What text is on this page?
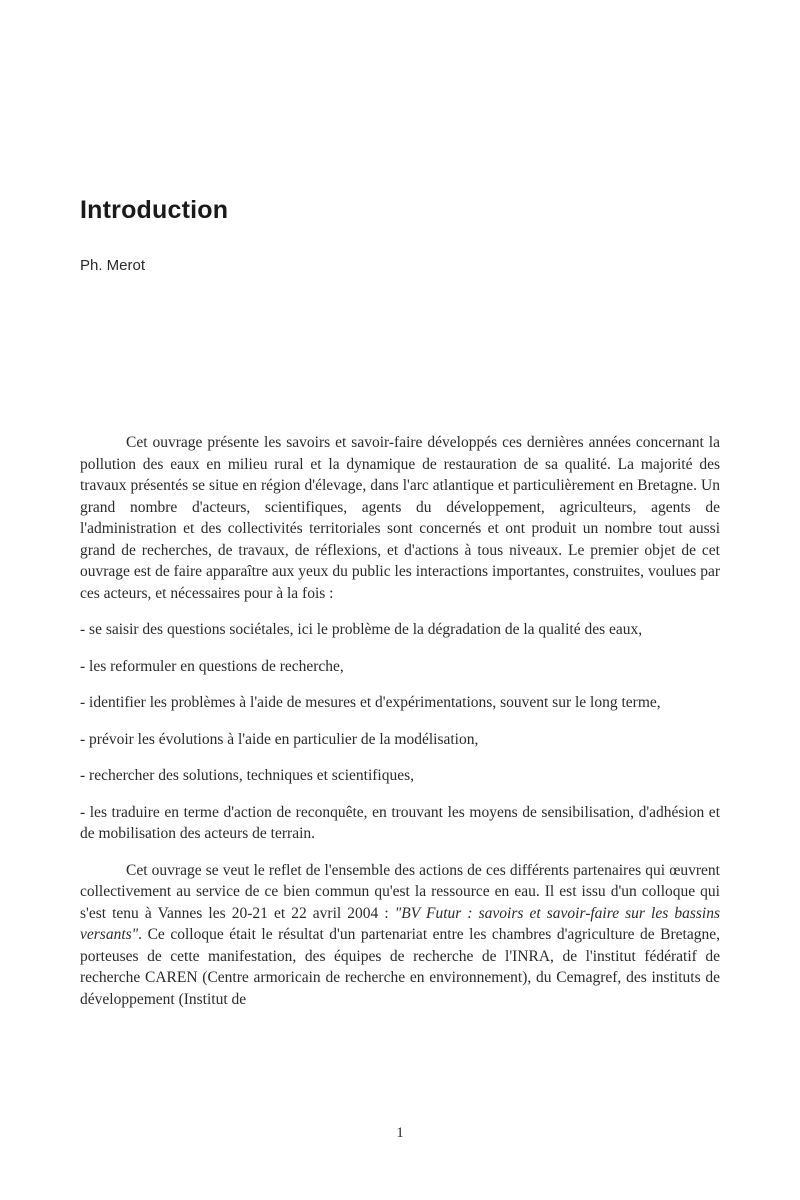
Introduction

Ph. Merot

Cet ouvrage présente les savoirs et savoir-faire développés ces dernières années concernant la pollution des eaux en milieu rural et la dynamique de restauration de sa qualité. La majorité des travaux présentés se situe en région d'élevage, dans l'arc atlantique et particulièrement en Bretagne. Un grand nombre d'acteurs, scientifiques, agents du développement, agriculteurs, agents de l'administration et des collectivités territoriales sont concernés et ont produit un nombre tout aussi grand de recherches, de travaux, de réflexions, et d'actions à tous niveaux. Le premier objet de cet ouvrage est de faire apparaître aux yeux du public les interactions importantes, construites, voulues par ces acteurs, et nécessaires pour à la fois :

- se saisir des questions sociétales, ici le problème de la dégradation de la qualité des eaux,

- les reformuler en questions de recherche,

- identifier les problèmes à l'aide de mesures et d'expérimentations, souvent sur le long terme,

- prévoir les évolutions à l'aide en particulier de la modélisation,

- rechercher des solutions, techniques et scientifiques,

- les traduire en terme d'action de reconquête, en trouvant les moyens de sensibilisation, d'adhésion et de mobilisation des acteurs de terrain.

Cet ouvrage se veut le reflet de l'ensemble des actions de ces différents partenaires qui œuvrent collectivement au service de ce bien commun qu'est la ressource en eau. Il est issu d'un colloque qui s'est tenu à Vannes les 20-21 et 22 avril 2004 : "BV Futur : savoirs et savoir-faire sur les bassins versants". Ce colloque était le résultat d'un partenariat entre les chambres d'agriculture de Bretagne, porteuses de cette manifestation, des équipes de recherche de l'INRA, de l'institut fédératif de recherche CAREN (Centre armoricain de recherche en environnement), du Cemagref, des instituts de développement (Institut de

1
